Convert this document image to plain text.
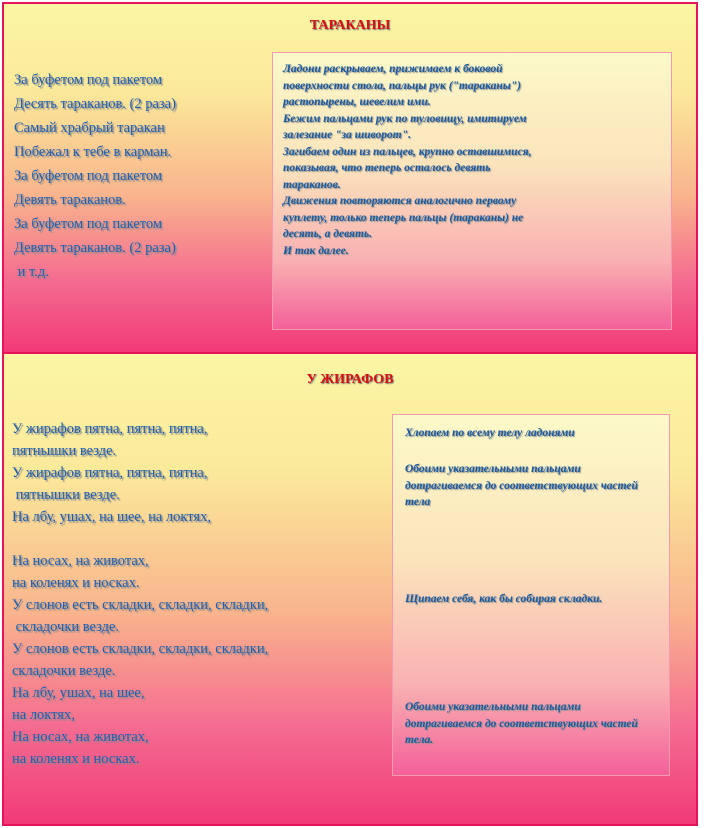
ТАРАКАНЫ
За буфетом под пакетом
Десять тараканов. (2 раза)
Самый храбрый таракан
Побежал к тебе в карман.
За буфетом под пакетом
Девять тараканов.
За буфетом под пакетом
Девять тараканов. (2 раза)
и т.д.
Ладони раскрываем, прижимаем к боковой
поверхности стола, пальцы рук ("тараканы")
растопырены, шевелим ими.
Бежим пальцами рук по туловищу, имитируем
залезание "за шиворот".
Загибаем один из пальцев, крупно оставшимися,
показывая, что теперь осталось девять
тараканов.
Движения повторяются аналогично первому
куплету, только теперь пальцы (тараканы) не
десять, а девять.
И так далее.
У ЖИРАФОВ
У жирафов пятна, пятна, пятна,
пятнышки везде.
У жирафов пятна, пятна, пятна,
пятнышки везде.
На лбу, ушах, на шее, на локтях,

На носах, на животах,
на коленях и носках.
У слонов есть складки, складки, складки,
складочки везде.
У слонов есть складки, складки, складки,
складочки везде.
На лбу, ушах, на шее,
на локтях,
На носах, на животах,
на коленях и носках.

Хлопаем по всему телу ладонями

Обоими указательными пальцами дотрагиваемся до соответствующих частей тела

Щипаем себя, как бы собирая складки.

Обоими указательными пальцами дотрагиваемся до соответствующих частей тела.
